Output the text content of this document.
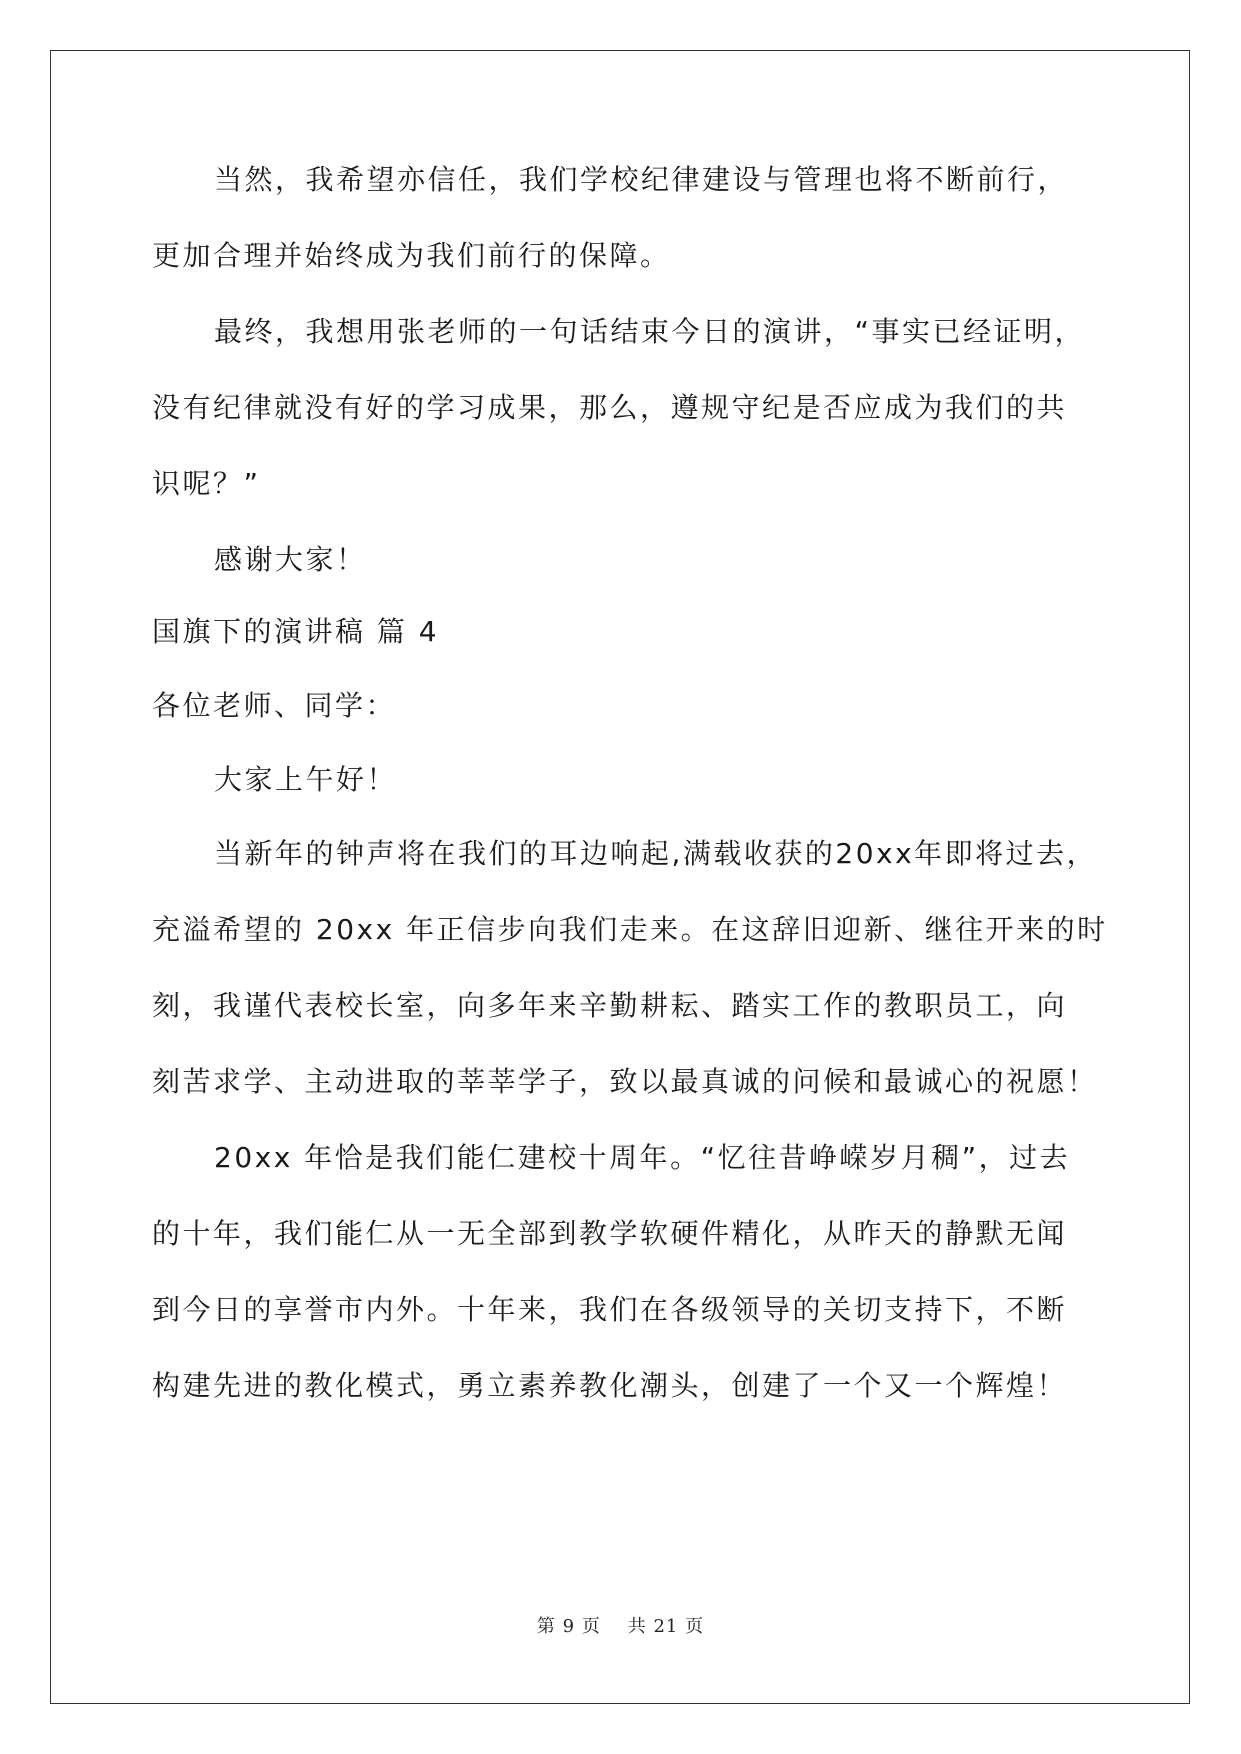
当然，我希望亦信任，我们学校纪律建设与管理也将不断前行，
更加合理并始终成为我们前行的保障。
最终，我想用张老师的一句话结束今日的演讲，“事实已经证明，
没有纪律就没有好的学习成果，那么，遵规守纪是否应成为我们的共
识呢？”
感谢大家！
国旗下的演讲稿 篇 4
各位老师、同学：
大家上午好！
当新年的钟声将在我们的耳边响起,满载收获的20xx年即将过去，
充溢希望的 20xx 年正信步向我们走来。在这辞旧迎新、继往开来的时
刻，我谨代表校长室，向多年来辛勤耕耘、踏实工作的教职员工，向
刻苦求学、主动进取的莘莘学子，致以最真诚的问候和最诚心的祝愿！
20xx 年恰是我们能仁建校十周年。“忆往昔峥嵘岁月稠”，过去
的十年，我们能仁从一无全部到教学软硬件精化，从昨天的静默无闻
到今日的享誉市内外。十年来，我们在各级领导的关切支持下，不断
构建先进的教化模式，勇立素养教化潮头，创建了一个又一个辉煌！
第 9 页 共 21 页
